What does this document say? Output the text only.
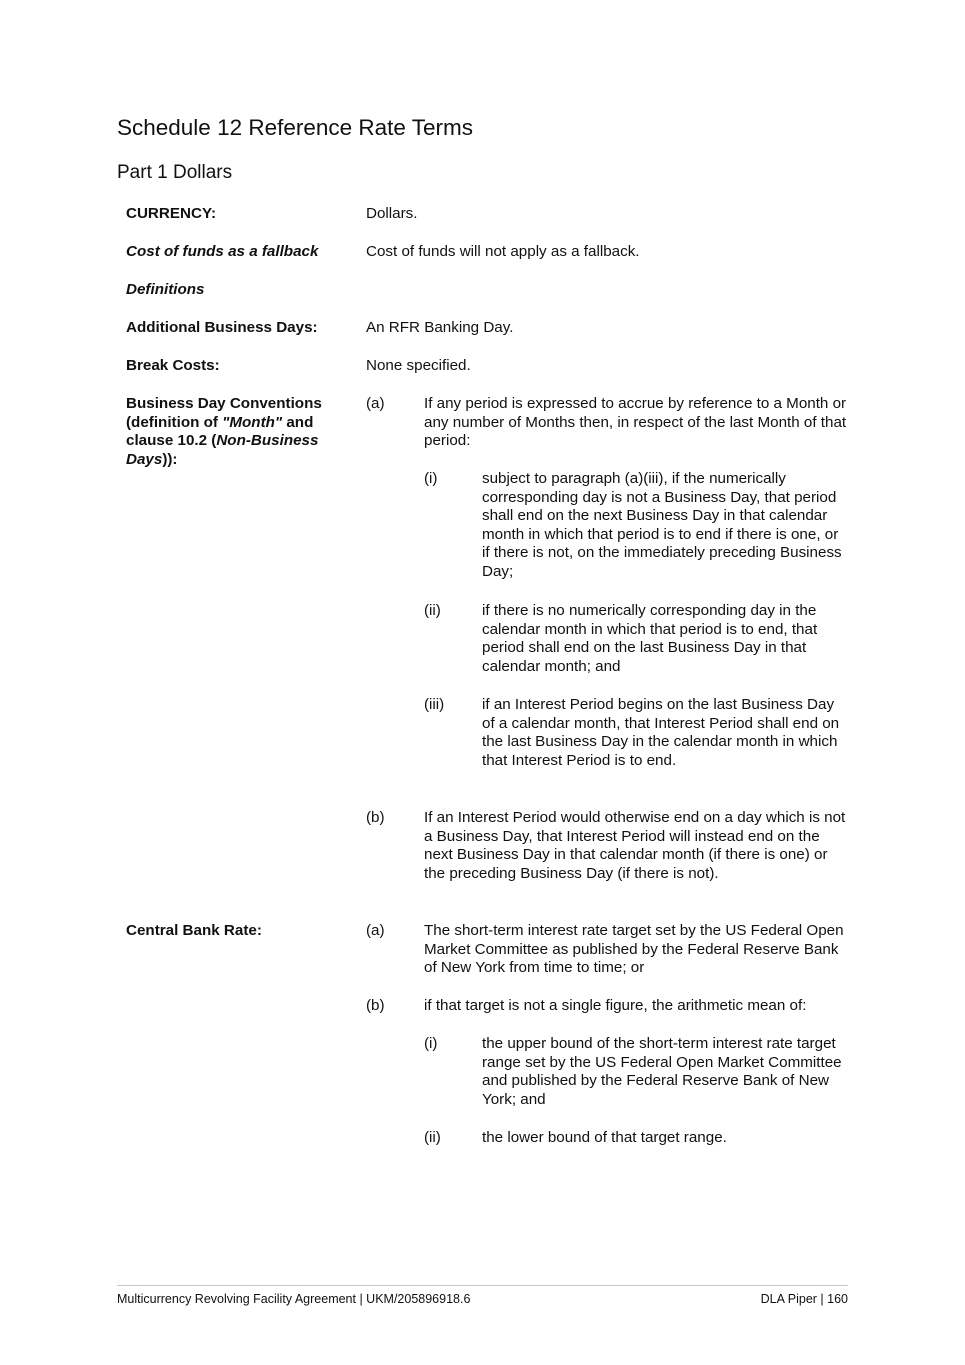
Schedule 12 Reference Rate Terms
Part 1 Dollars
CURRENCY:	Dollars.
Cost of funds as a fallback	Cost of funds will not apply as a fallback.
Definitions
Additional Business Days:	An RFR Banking Day.
Break Costs:	None specified.
Business Day Conventions (definition of "Month" and clause 10.2 (Non-Business Days)):
(a)	If any period is expressed to accrue by reference to a Month or any number of Months then, in respect of the last Month of that period:
(i)	subject to paragraph (a)(iii), if the numerically corresponding day is not a Business Day, that period shall end on the next Business Day in that calendar month in which that period is to end if there is one, or if there is not, on the immediately preceding Business Day;
(ii)	if there is no numerically corresponding day in the calendar month in which that period is to end, that period shall end on the last Business Day in that calendar month; and
(iii)	if an Interest Period begins on the last Business Day of a calendar month, that Interest Period shall end on the last Business Day in the calendar month in which that Interest Period is to end.
(b)	If an Interest Period would otherwise end on a day which is not a Business Day, that Interest Period will instead end on the next Business Day in that calendar month (if there is one) or the preceding Business Day (if there is not).
Central Bank Rate:	(a)	The short-term interest rate target set by the US Federal Open Market Committee as published by the Federal Reserve Bank of New York from time to time; or
(b)	if that target is not a single figure, the arithmetic mean of:
(i)	the upper bound of the short-term interest rate target range set by the US Federal Open Market Committee and published by the Federal Reserve Bank of New York; and
(ii)	the lower bound of that target range.
Multicurrency Revolving Facility Agreement | UKM/205896918.6	DLA Piper | 160
